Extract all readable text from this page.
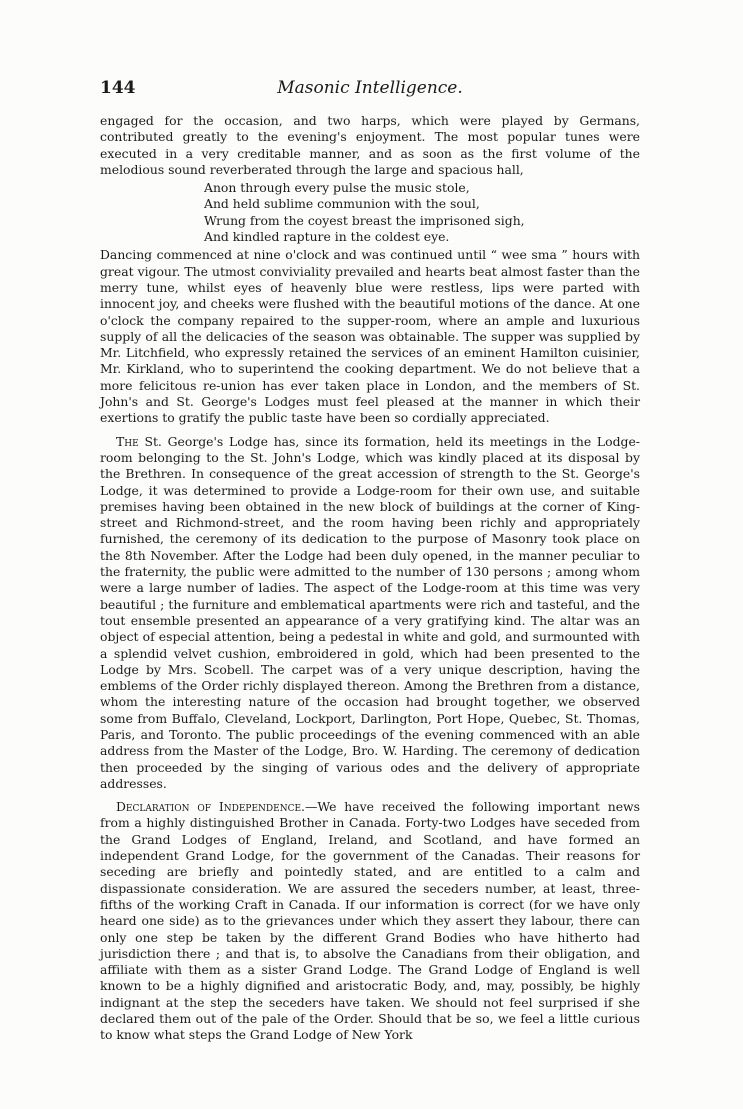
Masonic Intelligence.
144

engaged for the occasion, and two harps, which were played by Germans, contributed greatly to the evening's enjoyment. The most popular tunes were executed in a very creditable manner, and as soon as the first volume of the melodious sound reverberated through the large and spacious hall,

Anon through every pulse the music stole,
And held sublime communion with the soul,
Wrung from the coyest breast the imprisoned sigh,
And kindled rapture in the coldest eye.

Dancing commenced at nine o'clock and was continued until “ wee sma ” hours with great vigour. The utmost conviviality prevailed and hearts beat almost faster than the merry tune, whilst eyes of heavenly blue were restless, lips were parted with innocent joy, and cheeks were flushed with the beautiful motions of the dance. At one o'clock the company repaired to the supper-room, where an ample and luxurious supply of all the delicacies of the season was obtainable. The supper was supplied by Mr. Litchfield, who expressly retained the services of an eminent Hamilton cuisinier, Mr. Kirkland, who to superintend the cooking department. We do not believe that a more felicitous re-union has ever taken place in London, and the members of St. John's and St. George's Lodges must feel pleased at the manner in which their exertions to gratify the public taste have been so cordially appreciated.

The St. George's Lodge has, since its formation, held its meetings in the Lodge-room belonging to the St. John's Lodge, which was kindly placed at its disposal by the Brethren. In consequence of the great accession of strength to the St. George's Lodge, it was determined to provide a Lodge-room for their own use, and suitable premises having been obtained in the new block of buildings at the corner of King-street and Richmond-street, and the room having been richly and appropriately furnished, the ceremony of its dedication to the purpose of Masonry took place on the 8th November. After the Lodge had been duly opened, in the manner peculiar to the fraternity, the public were admitted to the number of 130 persons ; among whom were a large number of ladies. The aspect of the Lodge-room at this time was very beautiful ; the furniture and emblematical apartments were rich and tasteful, and the tout ensemble presented an appearance of a very gratifying kind. The altar was an object of especial attention, being a pedestal in white and gold, and surmounted with a splendid velvet cushion, embroidered in gold, which had been presented to the Lodge by Mrs. Scobell. The carpet was of a very unique description, having the emblems of the Order richly displayed thereon. Among the Brethren from a distance, whom the interesting nature of the occasion had brought together, we observed some from Buffalo, Cleveland, Lockport, Darlington, Port Hope, Quebec, St. Thomas, Paris, and Toronto. The public proceedings of the evening commenced with an able address from the Master of the Lodge, Bro. W. Harding. The ceremony of dedication then proceeded by the singing of various odes and the delivery of appropriate addresses.

Declaration of Independence.—We have received the following important news from a highly distinguished Brother in Canada. Forty-two Lodges have seceded from the Grand Lodges of England, Ireland, and Scotland, and have formed an independent Grand Lodge, for the government of the Canadas. Their reasons for seceding are briefly and pointedly stated, and are entitled to a calm and dispassionate consideration. We are assured the seceders number, at least, three-fifths of the working Craft in Canada. If our information is correct (for we have only heard one side) as to the grievances under which they assert they labour, there can only one step be taken by the different Grand Bodies who have hitherto had jurisdiction there ; and that is, to absolve the Canadians from their obligation, and affiliate with them as a sister Grand Lodge. The Grand Lodge of England is well known to be a highly dignified and aristocratic Body, and, may, possibly, be highly indignant at the step the seceders have taken. We should not feel surprised if she declared them out of the pale of the Order. Should that be so, we feel a little curious to know what steps the Grand Lodge of New York
